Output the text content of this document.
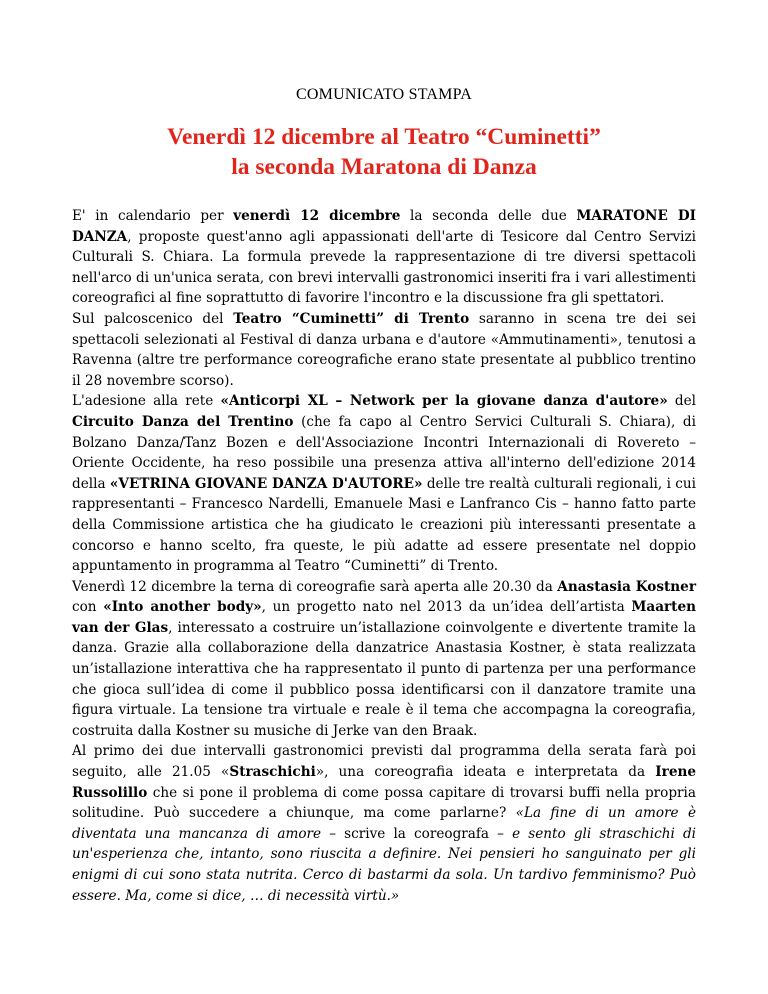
COMUNICATO STAMPA
Venerdì 12 dicembre al Teatro “Cuminetti”
la seconda Maratona di Danza

E' in calendario per venerdì 12 dicembre la seconda delle due MARATONE DI DANZA, proposte quest'anno agli appassionati dell'arte di Tesicore dal Centro Servizi Culturali S. Chiara. La formula prevede la rappresentazione di tre diversi spettacoli nell'arco di un'unica serata, con brevi intervalli gastronomici inseriti fra i vari allestimenti coreografici al fine soprattutto di favorire l'incontro e la discussione fra gli spettatori.

Sul palcoscenico del Teatro “Cuminetti” di Trento saranno in scena tre dei sei spettacoli selezionati al Festival di danza urbana e d'autore «Ammutinamenti», tenutosi a Ravenna (altre tre performance coreografiche erano state presentate al pubblico trentino il 28 novembre scorso).

L'adesione alla rete «Anticorpi XL – Network per la giovane danza d'autore» del Circuito Danza del Trentino (che fa capo al Centro Servici Culturali S. Chiara), di Bolzano Danza/Tanz Bozen e dell'Associazione Incontri Internazionali di Rovereto – Oriente Occidente, ha reso possibile una presenza attiva all'interno dell'edizione 2014 della «VETRINA GIOVANE DANZA D'AUTORE» delle tre realtà culturali regionali, i cui rappresentanti – Francesco Nardelli, Emanuele Masi e Lanfranco Cis – hanno fatto parte della Commissione artistica che ha giudicato le creazioni più interessanti presentate a concorso e hanno scelto, fra queste, le più adatte ad essere presentate nel doppio appuntamento in programma al Teatro “Cuminetti” di Trento.

Venerdì 12 dicembre la terna di coreografie sarà aperta alle 20.30 da Anastasia Kostner con «Into another body», un progetto nato nel 2013 da un’idea dell’artista Maarten van der Glas, interessato a costruire un’istallazione coinvolgente e divertente tramite la danza. Grazie alla collaborazione della danzatrice Anastasia Kostner, è stata realizzata un’istallazione interattiva che ha rappresentato il punto di partenza per una performance che gioca sull’idea di come il pubblico possa identificarsi con il danzatore tramite una figura virtuale. La tensione tra virtuale e reale è il tema che accompagna la coreografia, costruita dalla Kostner su musiche di Jerke van den Braak.

Al primo dei due intervalli gastronomici previsti dal programma della serata farà poi seguito, alle 21.05 «Straschichi», una coreografia ideata e interpretata da Irene Russolillo che si pone il problema di come possa capitare di trovarsi buffi nella propria solitudine. Può succedere a chiunque, ma come parlarne? «La fine di un amore è diventata una mancanza di amore – scrive la coreografa – e sento gli straschichi di un'esperienza che, intanto, sono riuscita a definire. Nei pensieri ho sanguinato per gli enigmi di cui sono stata nutrita. Cerco di bastarmi da sola. Un tardivo femminismo? Può essere. Ma, come si dice, … di necessità virtù.»
